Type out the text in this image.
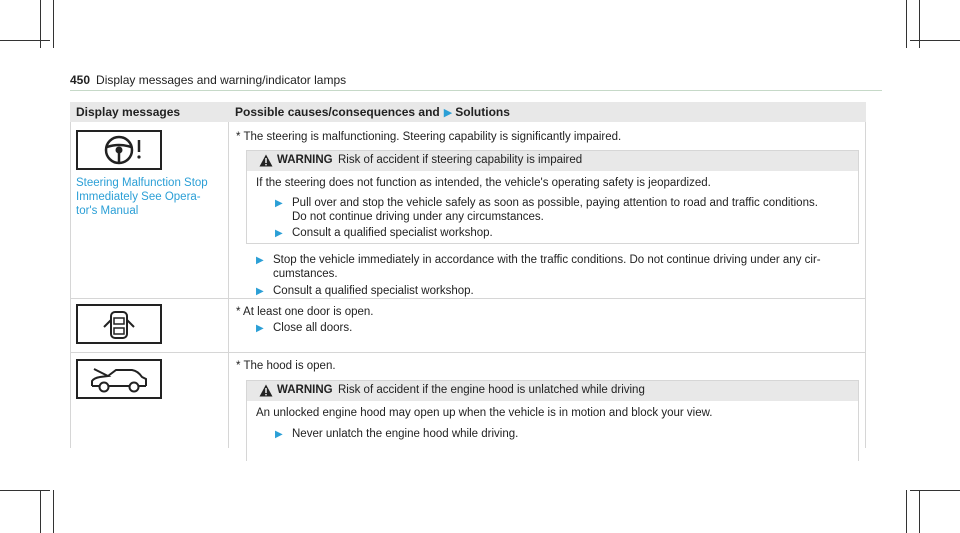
450 Display messages and warning/indicator lamps
Display messages	Possible causes/consequences and ▶ Solutions
Steering Malfunction Stop
Immediately See Opera-
tor's Manual
* The steering is malfunctioning. Steering capability is significantly impaired.
WARNING Risk of accident if steering capability is impaired
If the steering does not function as intended, the vehicle's operating safety is jeopardized.
▶ Pull over and stop the vehicle safely as soon as possible, paying attention to road and traffic conditions.
Do not continue driving under any circumstances.
▶ Consult a qualified specialist workshop.
▶ Stop the vehicle immediately in accordance with the traffic conditions. Do not continue driving under any cir-
cumstances.
▶ Consult a qualified specialist workshop.
* At least one door is open.
▶ Close all doors.
* The hood is open.
WARNING Risk of accident if the engine hood is unlatched while driving
An unlocked engine hood may open up when the vehicle is in motion and block your view.
▶ Never unlatch the engine hood while driving.
